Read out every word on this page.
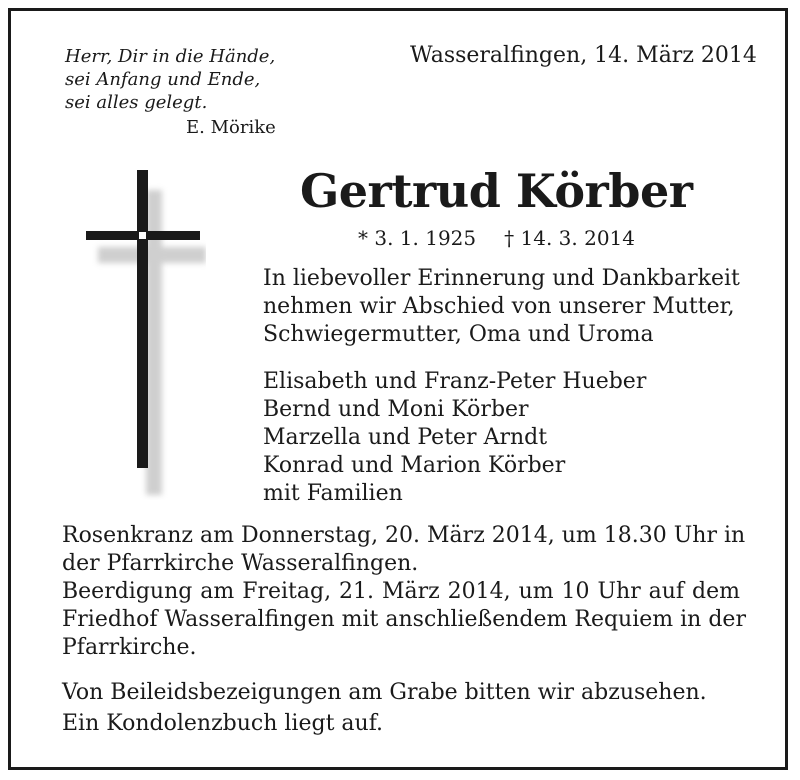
Herr, Dir in die Hände,
sei Anfang und Ende,
sei alles gelegt.

E. Mörike

Wasseralfingen, 14. März 2014

Gertrud Körber

* 3. 1. 1925 † 14. 3. 2014

In liebevoller Erinnerung und Dankbarkeit
nehmen wir Abschied von unserer Mutter,
Schwiegermutter, Oma und Uroma

Elisabeth und Franz-Peter Hueber
Bernd und Moni Körber
Marzella und Peter Arndt
Konrad und Marion Körber
mit Familien

Rosenkranz am Donnerstag, 20. März 2014, um 18.30 Uhr in
der Pfarrkirche Wasseralfingen.
Beerdigung am Freitag, 21. März 2014, um 10 Uhr auf dem
Friedhof Wasseralfingen mit anschließendem Requiem in der
Pfarrkirche.

Von Beileidsbezeigungen am Grabe bitten wir abzusehen.
Ein Kondolenzbuch liegt auf.
